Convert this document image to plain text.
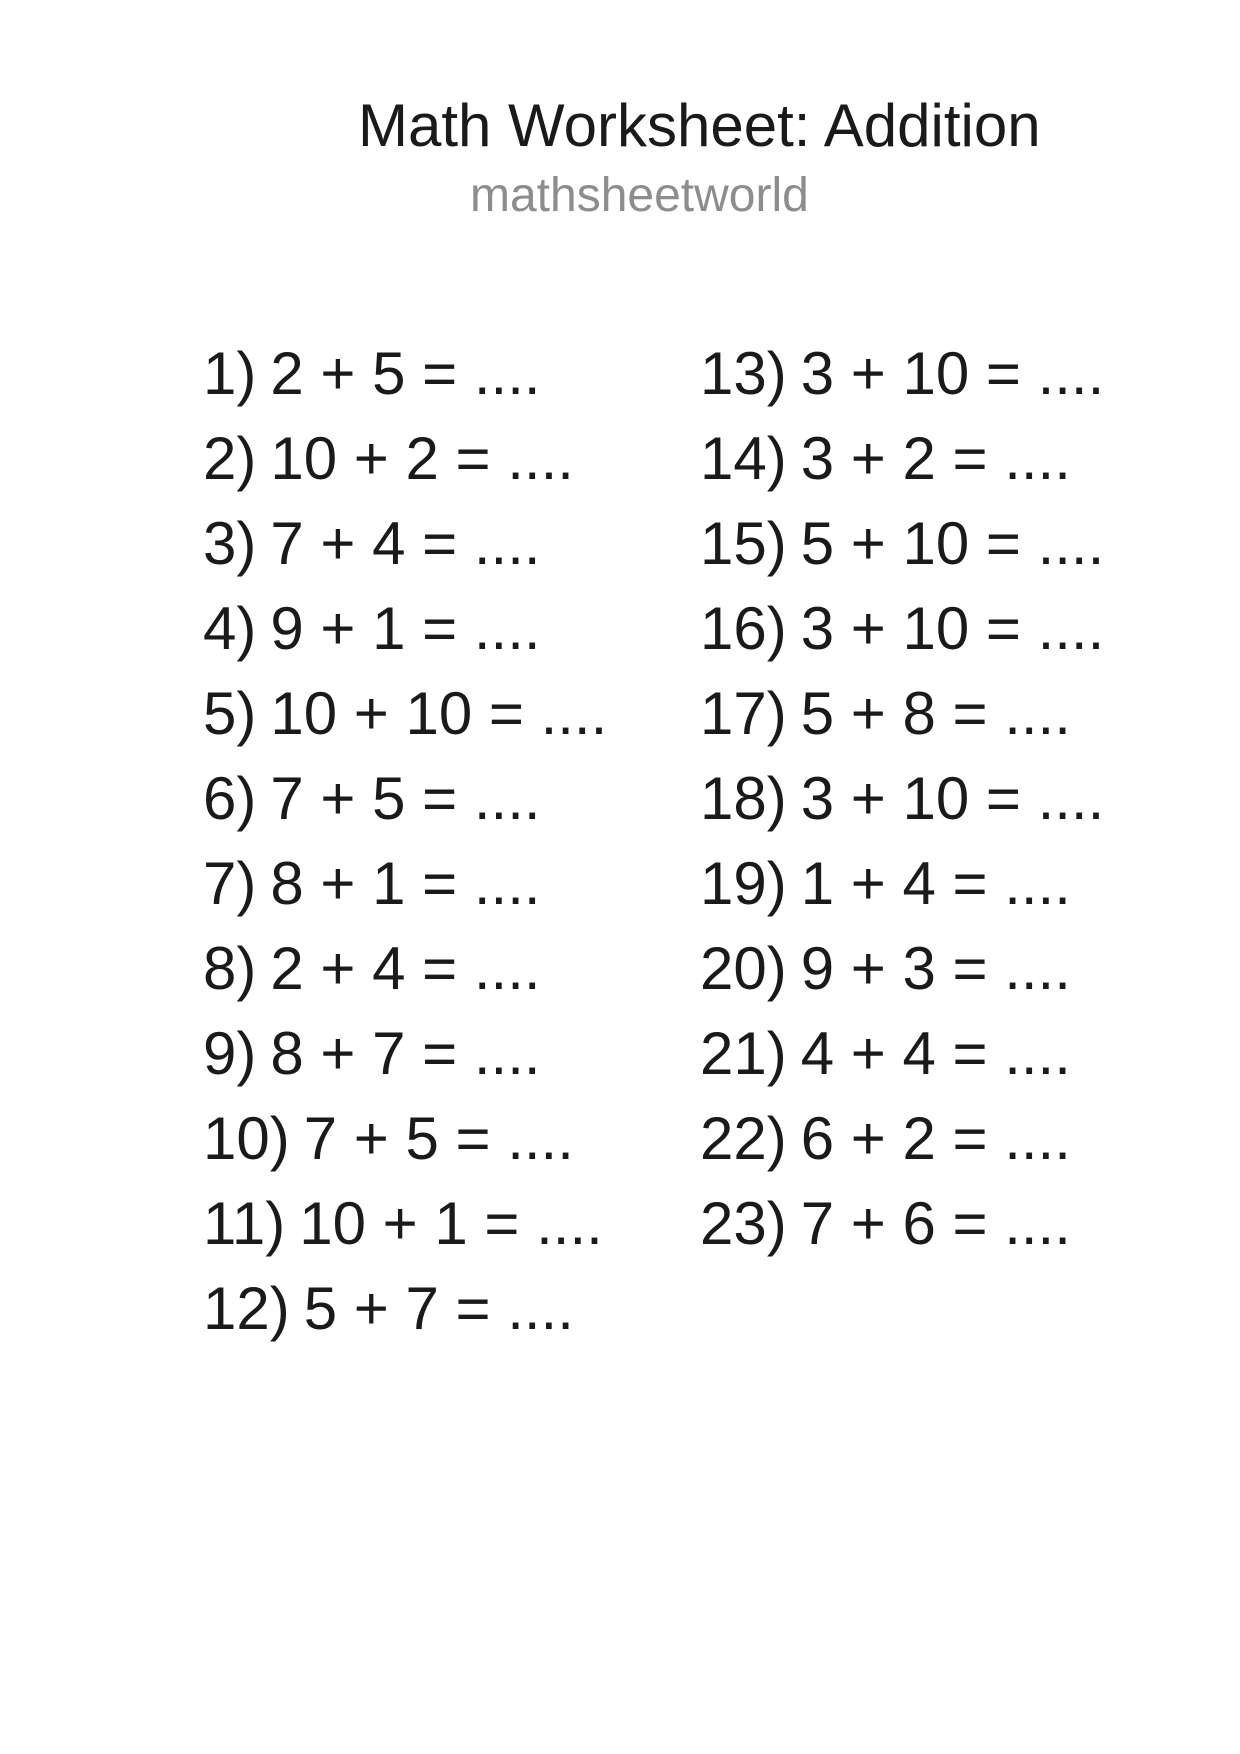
Math Worksheet: Addition
mathsheetworld
1) 2 + 5 = ....
2) 10 + 2 = ....
3) 7 + 4 = ....
4) 9 + 1 = ....
5) 10 + 10 = ....
6) 7 + 5 = ....
7) 8 + 1 = ....
8) 2 + 4 = ....
9) 8 + 7 = ....
10) 7 + 5 = ....
11) 10 + 1 = ....
12) 5 + 7 = ....
13) 3 + 10 = ....
14) 3 + 2 = ....
15) 5 + 10 = ....
16) 3 + 10 = ....
17) 5 + 8 = ....
18) 3 + 10 = ....
19) 1 + 4 = ....
20) 9 + 3 = ....
21) 4 + 4 = ....
22) 6 + 2 = ....
23) 7 + 6 = ....
